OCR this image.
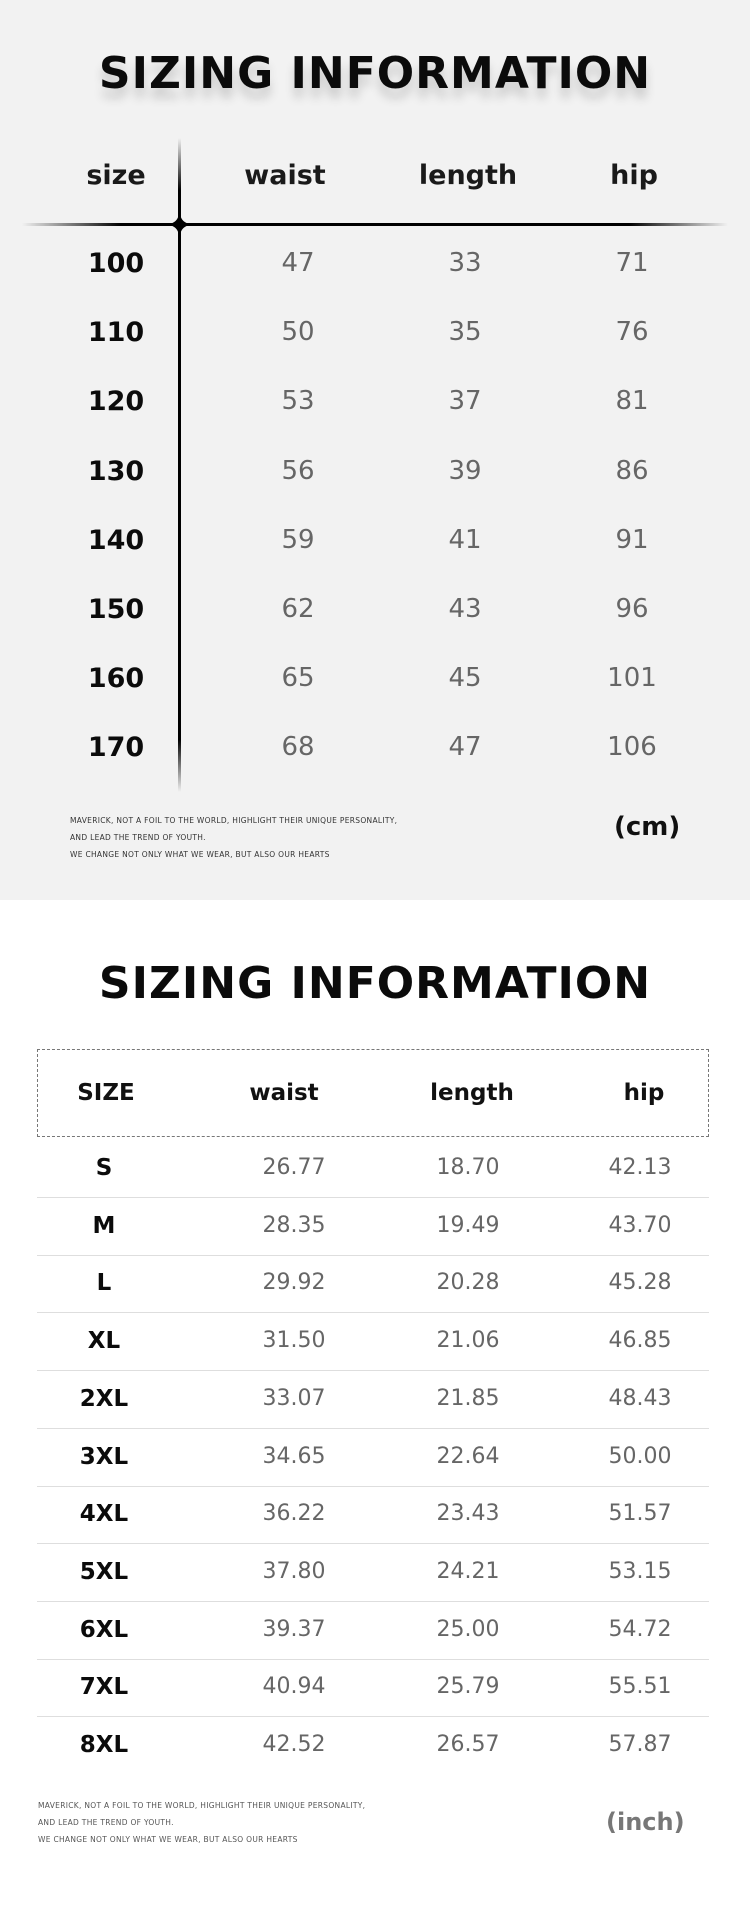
SIZING INFORMATION
size	waist	length	hip
100	47	33	71
110	50	35	76
120	53	37	81
130	56	39	86
140	59	41	91
150	62	43	96
160	65	45	101
170	68	47	106
MAVERICK, NOT A FOIL TO THE WORLD, HIGHLIGHT THEIR UNIQUE PERSONALITY,
AND LEAD THE TREND OF YOUTH.
WE CHANGE NOT ONLY WHAT WE WEAR, BUT ALSO OUR HEARTS
(cm)
SIZING INFORMATION
SIZE	waist	length	hip
S	26.77	18.70	42.13
M	28.35	19.49	43.70
L	29.92	20.28	45.28
XL	31.50	21.06	46.85
2XL	33.07	21.85	48.43
3XL	34.65	22.64	50.00
4XL	36.22	23.43	51.57
5XL	37.80	24.21	53.15
6XL	39.37	25.00	54.72
7XL	40.94	25.79	55.51
8XL	42.52	26.57	57.87
MAVERICK, NOT A FOIL TO THE WORLD, HIGHLIGHT THEIR UNIQUE PERSONALITY,
AND LEAD THE TREND OF YOUTH.
WE CHANGE NOT ONLY WHAT WE WEAR, BUT ALSO OUR HEARTS
(inch)
